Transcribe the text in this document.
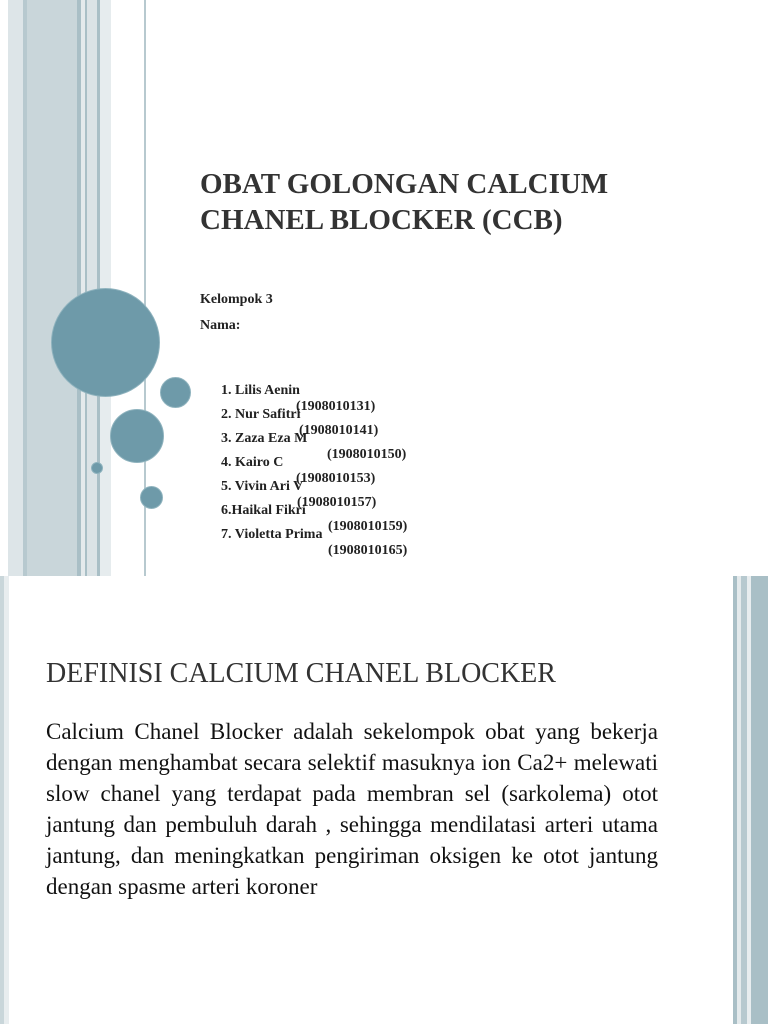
OBAT GOLONGAN CALCIUM
CHANEL BLOCKER (CCB)
Kelompok 3
Nama:

1. Lilis Aenin

(1908010131)

2. Nur Safitri

(1908010141)

3. Zaza Eza M

(1908010150)

4. Kairo C

(1908010153)

5. Vivin Ari V

(1908010157)

6.Haikal Fikri

(1908010159)

7. Violetta Prima

(1908010165)

DEFINISI CALCIUM CHANEL BLOCKER

Calcium Chanel Blocker adalah sekelompok obat yang bekerja dengan menghambat secara selektif masuknya ion Ca2+ melewati slow chanel yang terdapat pada membran sel (sarkolema) otot jantung dan pembuluh darah , sehingga mendilatasi arteri utama jantung, dan meningkatkan pengiriman oksigen ke otot jantung dengan spasme arteri koroner
